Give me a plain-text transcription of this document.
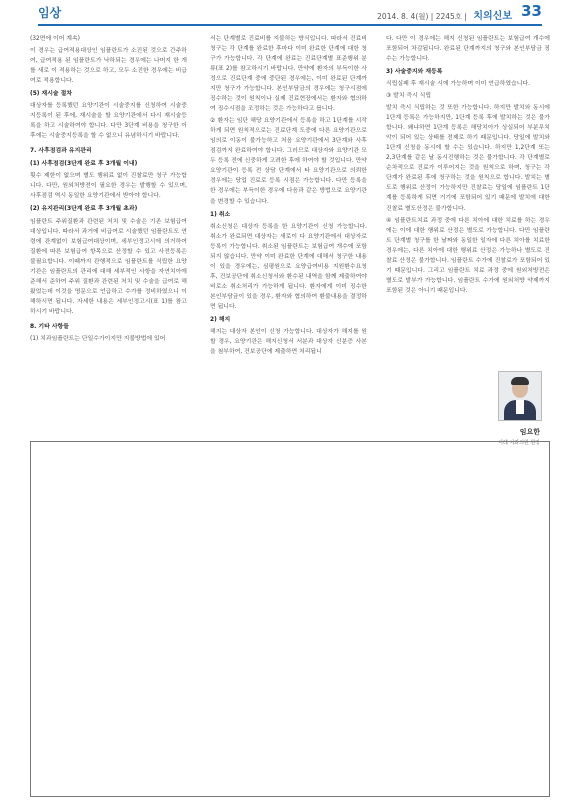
임상	2014. 8. 4(월) | 2245호 | 치의신보 33

(32면에 이어 계속)

이 경우는 급여적용대상인 임플란트가 소진된 것으로 간주하여, 급여적용 된 임플란트가 낙하되는 경우에는 나머지 한 개를 새로 이 적용하는 것으로 하고, 모두 소진한 경우에는 비급여로 적용합니다.

(5) 재시술 절차

대상자를 등록했던 요양기관이 시술중지를 신청하여 시술중지등록이 된 후에, 재시술을 할 요양기관에서 다시 재시술등록을 하고 시술하여야 합니다. 다만 3단계 비용을 청구한 이후에는 시술중지등록을 할 수 없으니 유념하시기 바랍니다.

7. 사후점검과 유지관리

(1) 사후점검(3단계 완료 후 3개월 이내)

횟수 제한이 없으며 별도 행위료 없이 진찰료만 청구 가능합니다. 다만, 원외처방전이 필요한 경우는 발행할 수 있으며, 사후점검 역시 동일한 요양기관에서 받아야 합니다.

(2) 유지관리(3단계 완료 후 3개월 초과)

임플란트 주위질환과 관련된 처치 및 수술은 기존 보험급여 대상입니다. 따라서 과거에 비급여로 시술했던 임플란트도 연령에 관계없이 보험급여대상이며, 세부인정고시에 의거하여 질환에 따른 보험급여 항목으로 산정할 수 있고 사전등록은 불필요합니다. 이때까지 관행적으로 임플란트를 식립한 요양기관은 임플란트의 관리에 대해 세부적인 사항을 자연치아에 준해서 준하여 주위 질환과 관련된 처치 및 수술을 급여로 해왔었는데 이것을 명문으로 언급하고 수가를 정비하였으니 이해하시면 됩니다. 자세한 내용은 세부인정고시(표 1)를 참고하시기 바랍니다.

8. 기타 사항들

(1) 치과임플란트는 단일수가이지만 지불방법에 있어

서는 단계별로 진료비를 지불하는 방식입니다. 따라서 진료비 청구는 각 단계를 완료한 후마다 이미 완료한 단계에 대한 청구가 가능합니다. 각 단계에 완료는 진료단계별 표준행위 분류(표 2)를 참고하시기 바랍니다. 만약에 환자의 부득이한 사정으로 진료단계 중에 중단된 경우에는, 이미 완료된 단계까지만 청구가 가능합니다. 본인부담금의 경우에는 청구시점에 징수하는 것이 원칙이나 실제 진료현장에서는 환자와 협의하여 징수시점을 조정하는 것은 가능하다고 봅니다.

② 환자는 임단 해당 요양기관에서 등록을 하고 1단계를 시작하게 되면 원칙적으로는 진료단계 도중에 다른 요양기관으로 임의로 이동이 불가능하고 처음 요양기관에서 3단계와 사후점검까지 완료하여야 합니다. 그러므로 대상자와 요양기관 모두 등록 전에 신중하게 고려한 후에 하여야 할 것입니다. 만약 요양기관이 등록 전 상담 단계에서 타 요양기관으로 의뢰한 경우에는 당업 진료로 등록 시점은 가능합니다. 다만 등록을 한 경우에는 부득이한 경우에 다음과 같은 방법으로 요양기관을 변경할 수 있습니다.

1) 취소

취소신청은 대상자 등록을 한 요양기관이 신청 가능합니다. 취소가 완료되면 대상자는 새로이 다 요양기관에서 대상자로 등록이 가능합니다. 취소된 임플란트는 보험급여 개수에 포함되지 않습니다. 만약 이미 완료한 단계에 대해서 청구한 내용이 있을 경우에는, 심평원으로 요양급여비용 지원환수요청 후, 건보공단에 취소신청서와 환수된 내역을 함께 제출하여야 비로소 취소처리가 가능하게 됩니다. 환자에게 이미 징수한 본인부담금이 있을 경우, 환자와 협의하여 환불내용을 결정하면 됩니다.

2) 해지

해지는 대상자 본인이 신청 가능합니다. 대상자가 해지를 원할 경우, 요양기관은 해지신청서 서분과 대상자 신분증 사본을 첨부하여, 건보공단에 제출하면 처리됩니

다. 다만 이 경우에는 해지 신청된 임플란트는 보험급여 개수에 포함되어 차감됩니다. 완료된 단계까지의 청구와 본인부담금 징수는 가능합니다.

3) 사술중지와 재등록

식립실패 후 재시술 시에 가능하며 이미 언급하였습니다.

③ 발치 즉시 식립

발치 즉시 식립하는 것 또한 가능합니다. 하지만 발치와 동시에 1단계 등록은 가능하지만, 1단계 등록 후에 발치하는 것은 불가합니다. 왜냐하면 1단계 등록은 해당치아가 상실되어 부분무치악이 되어 있는 상태를 전제로 하기 때문입니다. 당일에 발치와 1단계 신청을 동시에 할 수는 있습니다. 하지만 1,2단계 또는2,3단계를 같은 날 동시진행하는 것은 불가합니다. 각 단계별로 순차적으로 진료가 이루어지는 것을 원칙으로 하며, 청구는 각 단계가 완료된 후에 청구하는 것을 원칙으로 합니다. 발치는 별도로 행위료 산정이 가능하지만 진찰료는 당일에 임플란트 1단계를 등록하게 되면 거기에 포함되어 있기 때문에 발치에 대한 진찰료 별도산정은 불가합니다.

④ 임플란트치료 과정 중에 다른 치아에 대한 치료를 하는 경우에는 이에 대한 행위료 산정은 별도로 가능합니다. 다만 임플란트 단계별 청구를 한 날짜와 동일한 일자에 다른 치아를 치료한 경우에는, 다른 치아에 대한 행위료 산정은 가능하나 별도로 진찰료 산정은 불가합니다. 임플란트 수가에 진찰료가 포함되어 있기 때문입니다. 그리고 임플란트 치료 과정 중에 원외처방전은 별도로 발부가 가능합니다. 임플란트 수가에 원외처방 약제까지 포함된 것은 아니기 때문입니다.

임요한
이레 치과의원 원장
